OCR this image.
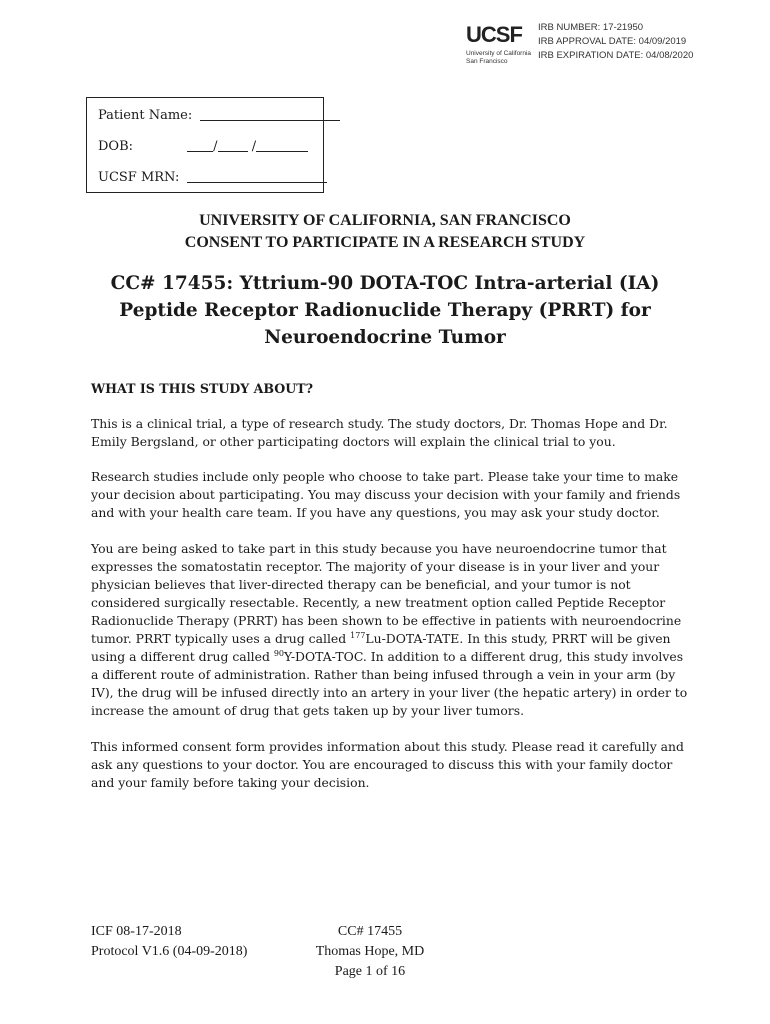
UCSF
University of California
San Francisco
IRB NUMBER: 17-21950
IRB APPROVAL DATE: 04/09/2019
IRB EXPIRATION DATE: 04/08/2020
Patient Name:
DOB:	/	/
UCSF MRN:
UNIVERSITY OF CALIFORNIA, SAN FRANCISCO
CONSENT TO PARTICIPATE IN A RESEARCH STUDY
CC# 17455: Yttrium-90 DOTA-TOC Intra-arterial (IA) Peptide Receptor Radionuclide Therapy (PRRT) for Neuroendocrine Tumor
WHAT IS THIS STUDY ABOUT?
This is a clinical trial, a type of research study. The study doctors, Dr. Thomas Hope and Dr. Emily Bergsland, or other participating doctors will explain the clinical trial to you.
Research studies include only people who choose to take part. Please take your time to make your decision about participating. You may discuss your decision with your family and friends and with your health care team. If you have any questions, you may ask your study doctor.
You are being asked to take part in this study because you have neuroendocrine tumor that expresses the somatostatin receptor. The majority of your disease is in your liver and your physician believes that liver-directed therapy can be beneficial, and your tumor is not considered surgically resectable. Recently, a new treatment option called Peptide Receptor Radionuclide Therapy (PRRT) has been shown to be effective in patients with neuroendocrine tumor. PRRT typically uses a drug called $^{177}$Lu-DOTA-TATE. In this study, PRRT will be given using a different drug called $^{90}$Y-DOTA-TOC. In addition to a different drug, this study involves a different route of administration. Rather than being infused through a vein in your arm (by IV), the drug will be infused directly into an artery in your liver (the hepatic artery) in order to increase the amount of drug that gets taken up by your liver tumors.
This informed consent form provides information about this study. Please read it carefully and ask any questions to your doctor. You are encouraged to discuss this with your family doctor and your family before taking your decision.
ICF 08-17-2018
Protocol V1.6 (04-09-2018)
CC# 17455
Thomas Hope, MD
Page 1 of 16
